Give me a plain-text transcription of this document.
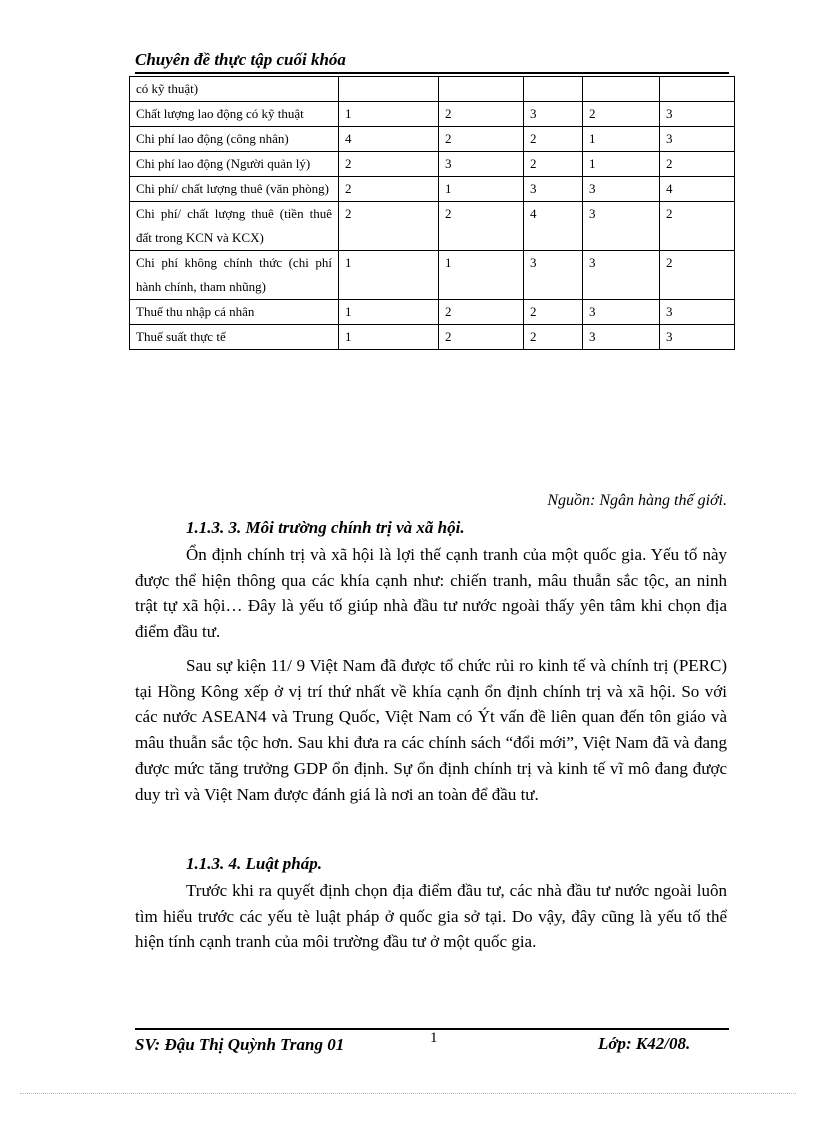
Chuyên đề thực tập cuối khóa
có kỹ thuật)					
Chất lượng lao động có kỹ thuật	1	2	3	2	3
Chi phí lao động (công nhân)	4	2	2	1	3
Chi phí lao động (Người quản lý)	2	3	2	1	2
Chi phí/ chất lượng thuê (văn phòng)	2	1	3	3	4
Chi phí/ chất lượng thuê (tiền thuê đất trong KCN và KCX)	2	2	4	3	2
Chi phí không chính thức (chi phí hành chính, tham nhũng)	1	1	3	3	2
Thuế thu nhập cá nhân	1	2	2	3	3
Thuế suất thực tế	1	2	2	3	3
Nguồn: Ngân hàng thế giới.
1.1.3. 3. Môi trường chính trị và xã hội.

Ổn định chính trị và xã hội là lợi thế cạnh tranh của một quốc gia. Yếu tố này được thể hiện thông qua các khía cạnh như: chiến tranh, mâu thuẫn sắc tộc, an ninh trật tự xã hội… Đây là yếu tố giúp nhà đầu tư nước ngoài thấy yên tâm khi chọn địa điểm đầu tư.

Sau sự kiện 11/ 9 Việt Nam đã được tổ chức rủi ro kinh tế và chính trị (PERC) tại Hồng Kông xếp ở vị trí thứ nhất về khía cạnh ổn định chính trị và xã hội. So với các nước ASEAN4 và Trung Quốc, Việt Nam có Ýt vấn đề liên quan đến tôn giáo và mâu thuẫn sắc tộc hơn. Sau khi đưa ra các chính sách “đổi mới”, Việt Nam đã và đang được mức tăng trưởng GDP ổn định. Sự ổn định chính trị và kinh tế vĩ mô đang được duy trì và Việt Nam được đánh giá là nơi an toàn để đầu tư.

1.1.3. 4. Luật pháp.

Trước khi ra quyết định chọn địa điểm đầu tư, các nhà đầu tư nước ngoài luôn tìm hiểu trước các yếu tè luật pháp ở quốc gia sở tại. Do vậy, đây cũng là yếu tố thể hiện tính cạnh tranh của môi trường đầu tư ở một quốc gia.

SV: Đậu Thị Quỳnh Trang 01	1	Lớp: K42/08.
